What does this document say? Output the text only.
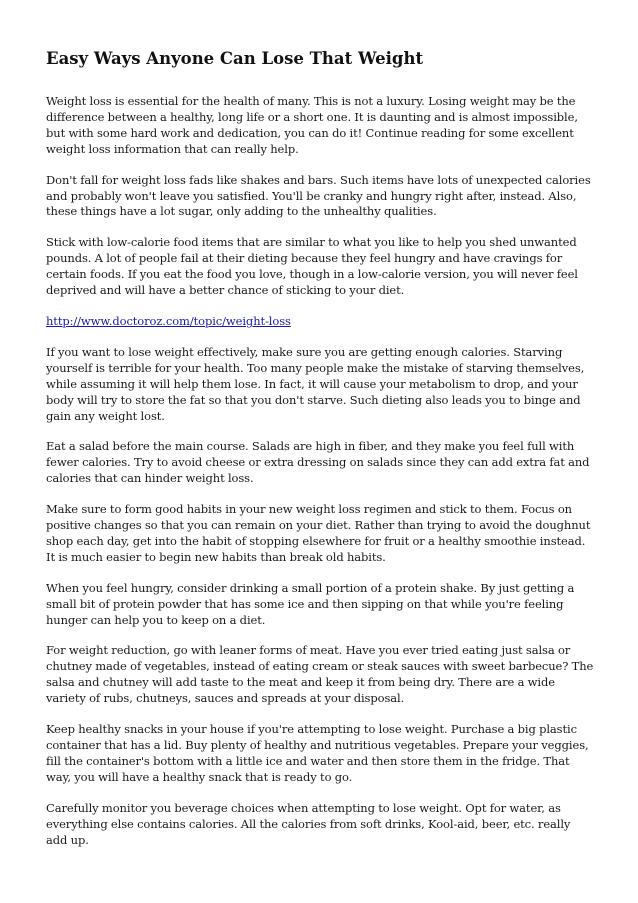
Easy Ways Anyone Can Lose That Weight

Weight loss is essential for the health of many. This is not a luxury. Losing weight may be the difference between a healthy, long life or a short one. It is daunting and is almost impossible, but with some hard work and dedication, you can do it! Continue reading for some excellent weight loss information that can really help.

Don't fall for weight loss fads like shakes and bars. Such items have lots of unexpected calories and probably won't leave you satisfied. You'll be cranky and hungry right after, instead. Also, these things have a lot sugar, only adding to the unhealthy qualities.

Stick with low-calorie food items that are similar to what you like to help you shed unwanted pounds. A lot of people fail at their dieting because they feel hungry and have cravings for certain foods. If you eat the food you love, though in a low-calorie version, you will never feel deprived and will have a better chance of sticking to your diet.

http://www.doctoroz.com/topic/weight-loss

If you want to lose weight effectively, make sure you are getting enough calories. Starving yourself is terrible for your health. Too many people make the mistake of starving themselves, while assuming it will help them lose. In fact, it will cause your metabolism to drop, and your body will try to store the fat so that you don't starve. Such dieting also leads you to binge and gain any weight lost.

Eat a salad before the main course. Salads are high in fiber, and they make you feel full with fewer calories. Try to avoid cheese or extra dressing on salads since they can add extra fat and calories that can hinder weight loss.

Make sure to form good habits in your new weight loss regimen and stick to them. Focus on positive changes so that you can remain on your diet. Rather than trying to avoid the doughnut shop each day, get into the habit of stopping elsewhere for fruit or a healthy smoothie instead. It is much easier to begin new habits than break old habits.

When you feel hungry, consider drinking a small portion of a protein shake. By just getting a small bit of protein powder that has some ice and then sipping on that while you're feeling hunger can help you to keep on a diet.

For weight reduction, go with leaner forms of meat. Have you ever tried eating just salsa or chutney made of vegetables, instead of eating cream or steak sauces with sweet barbecue? The salsa and chutney will add taste to the meat and keep it from being dry. There are a wide variety of rubs, chutneys, sauces and spreads at your disposal.

Keep healthy snacks in your house if you're attempting to lose weight. Purchase a big plastic container that has a lid. Buy plenty of healthy and nutritious vegetables. Prepare your veggies, fill the container's bottom with a little ice and water and then store them in the fridge. That way, you will have a healthy snack that is ready to go.

Carefully monitor you beverage choices when attempting to lose weight. Opt for water, as everything else contains calories. All the calories from soft drinks, Kool-aid, beer, etc. really add up.
